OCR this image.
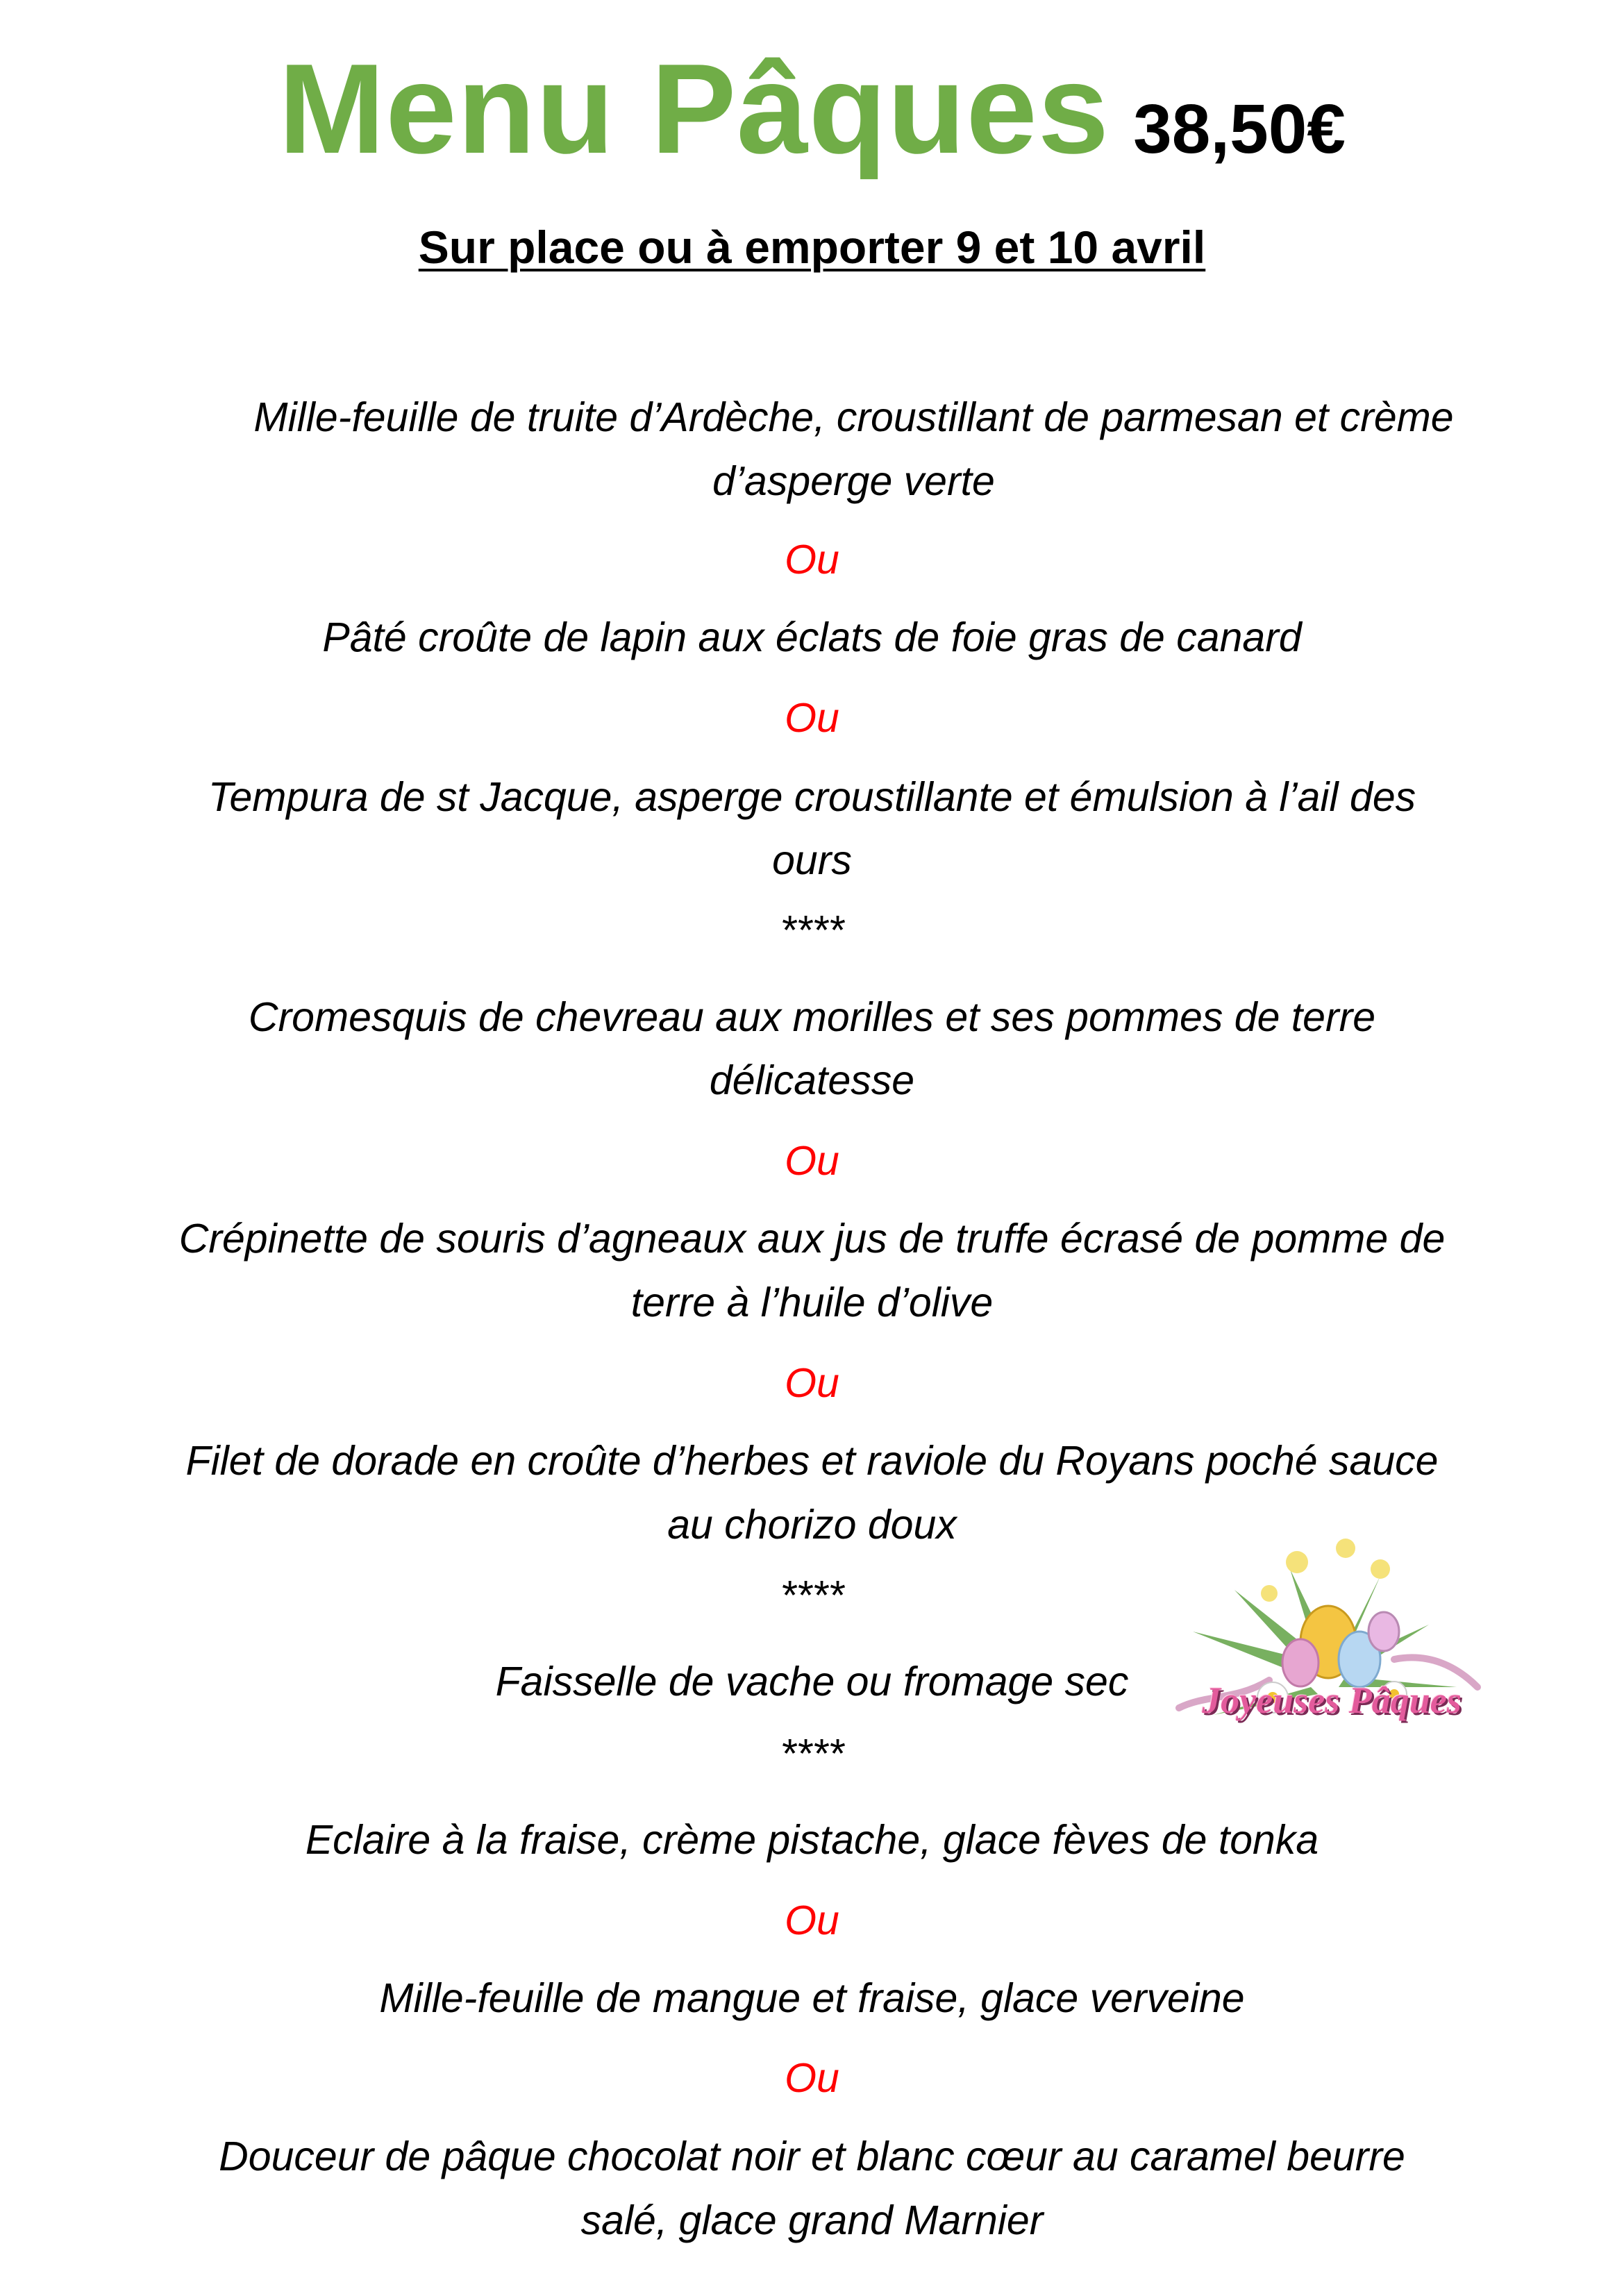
Menu Pâques 38,50€
Sur place ou à emporter 9 et 10 avril
Mille-feuille de truite d’Ardèche, croustillant de parmesan et crème
d’asperge verte
Ou
Pâté croûte de lapin aux éclats de foie gras de canard
Ou
Tempura de st Jacque, asperge croustillante et émulsion à l’ail des
ours
****
Cromesquis de chevreau aux morilles et ses pommes de terre
délicatesse
Ou
Crépinette de souris d’agneaux aux jus de truffe écrasé de pomme de
terre à l’huile d’olive
Ou
Filet de dorade en croûte d’herbes et raviole du Royans poché sauce
au chorizo doux
****
Faisselle de vache ou fromage sec
****
Eclaire à la fraise, crème pistache, glace fèves de tonka
Ou
Mille-feuille de mangue et fraise, glace verveine
Ou
Douceur de pâque chocolat noir et blanc cœur au caramel beurre
salé, glace grand Marnier
Joyeuses Pâques
